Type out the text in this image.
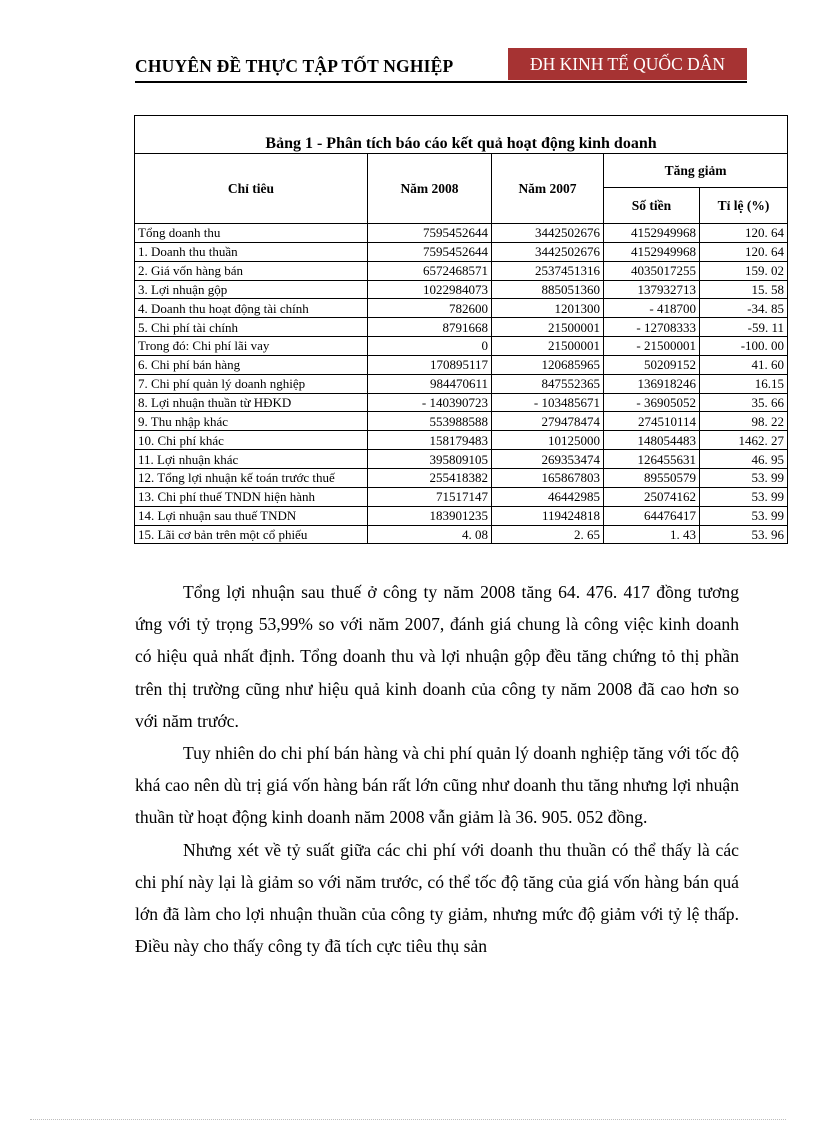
CHUYÊN ĐỀ THỰC TẬP TỐT NGHIỆP	ĐH KINH TẾ QUỐC DÂN
Bảng 1 - Phân tích báo cáo kết quả hoạt động kinh doanh				
Chỉ tiêu	Năm 2008	Năm 2007	Tăng giảm	
			Số tiền	Tỉ lệ (%)
Tổng doanh thu	7595452644	3442502676	4152949968	120. 64
1. Doanh thu thuần	7595452644	3442502676	4152949968	120. 64
2. Giá vốn hàng bán	6572468571	2537451316	4035017255	159. 02
3. Lợi nhuận gộp	1022984073	885051360	137932713	15. 58
4. Doanh thu hoạt động tài chính	782600	1201300	- 418700	-34. 85
5. Chi phí tài chính	8791668	21500001	- 12708333	-59. 11
Trong đó: Chi phí lãi vay	0	21500001	- 21500001	-100. 00
6. Chi phí bán hàng	170895117	120685965	50209152	41. 60
7. Chi phí quản lý doanh nghiệp	984470611	847552365	136918246	16.15
8. Lợi nhuận thuần từ HĐKD	- 140390723	- 103485671	- 36905052	35. 66
9. Thu nhập khác	553988588	279478474	274510114	98. 22
10. Chi phí khác	158179483	10125000	148054483	1462. 27
11. Lợi nhuận khác	395809105	269353474	126455631	46. 95
12. Tổng lợi nhuận kế toán trước thuế	255418382	165867803	89550579	53. 99
13. Chi phí thuế TNDN hiện hành	71517147	46442985	25074162	53. 99
14. Lợi nhuận sau thuế TNDN	183901235	119424818	64476417	53. 99
15. Lãi cơ bản trên một cổ phiếu	4. 08	2. 65	1. 43	53. 96

Tổng lợi nhuận sau thuế ở công ty năm 2008 tăng 64. 476. 417 đồng tương ứng với tỷ trọng 53,99% so với năm 2007, đánh giá chung là công việc kinh doanh có hiệu quả nhất định. Tổng doanh thu và lợi nhuận gộp đều tăng chứng tỏ thị phần trên thị trường cũng như hiệu quả kinh doanh của công ty năm 2008 đã cao hơn so với năm trước.

Tuy nhiên do chi phí bán hàng và chi phí quản lý doanh nghiệp tăng với tốc độ khá cao nên dù trị giá vốn hàng bán rất lớn cũng như doanh thu tăng nhưng lợi nhuận thuần từ hoạt động kinh doanh năm 2008 vẫn giảm là 36. 905. 052 đồng.

Nhưng xét về tỷ suất giữa các chi phí với doanh thu thuần có thể thấy là các chi phí này lại là giảm so với năm trước, có thể tốc độ tăng của giá vốn hàng bán quá lớn đã làm cho lợi nhuận thuần của công ty giảm, nhưng mức độ giảm với tỷ lệ thấp. Điều này cho thấy công ty đã tích cực tiêu thụ sản
